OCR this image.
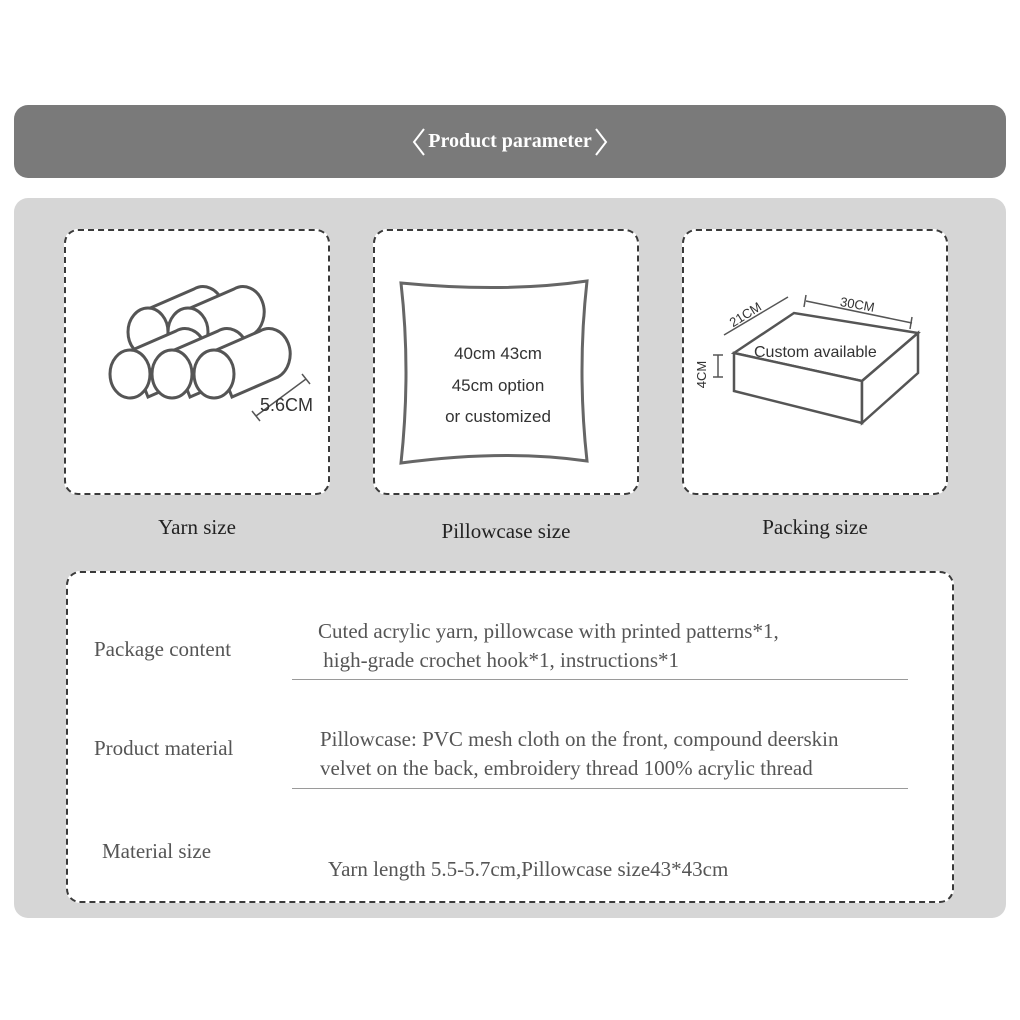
Product parameter
5.6CM
Yarn size
40cm 43cm
45cm option
or customized
Pillowcase size
21CM	30CM
4CM
Custom available
Packing size
Package content
Cuted acrylic yarn, pillowcase with printed patterns*1,
high-grade crochet hook*1, instructions*1
Product material	Pillowcase: PVC mesh cloth on the front, compound deerskin
velvet on the back, embroidery thread 100% acrylic thread
Material size
Yarn length 5.5-5.7cm,Pillowcase size43*43cm
